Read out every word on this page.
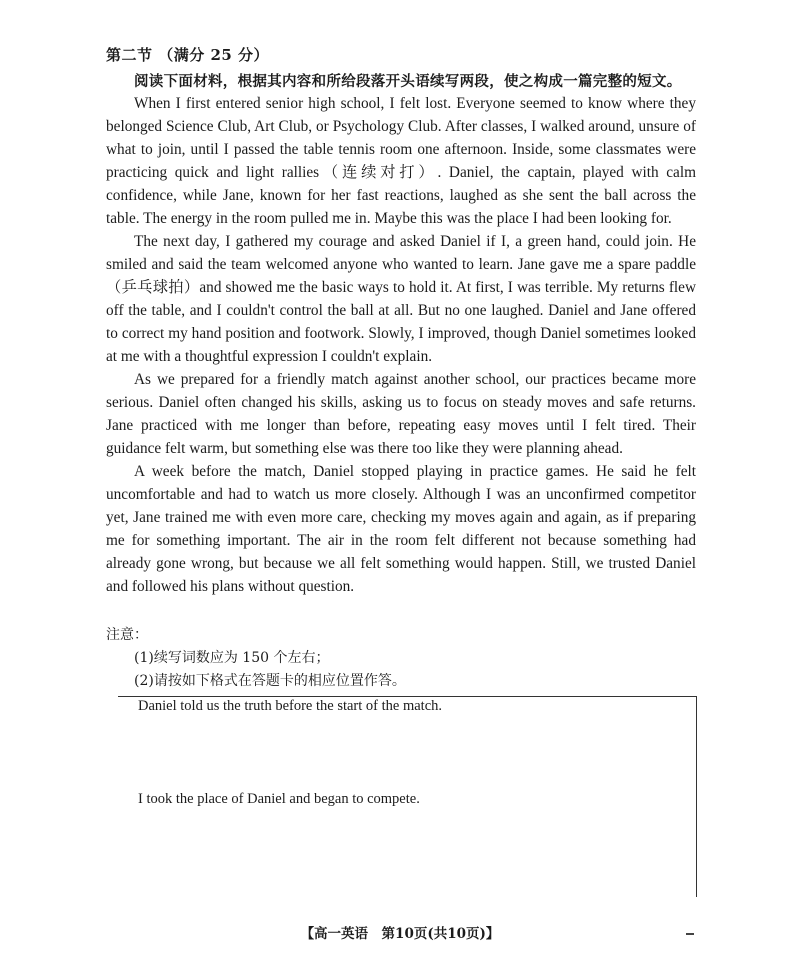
第二节 （满分 25 分）
阅读下面材料，根据其内容和所给段落开头语续写两段，使之构成一篇完整的短文。

When I first entered senior high school, I felt lost. Everyone seemed to know where they belonged Science Club, Art Club, or Psychology Club. After classes, I walked around, unsure of what to join, until I passed the table tennis room one afternoon. Inside, some classmates were practicing quick and light rallies（连续对打）. Daniel, the captain, played with calm confidence, while Jane, known for her fast reactions, laughed as she sent the ball across the table. The energy in the room pulled me in. Maybe this was the place I had been looking for.

The next day, I gathered my courage and asked Daniel if I, a green hand, could join. He smiled and said the team welcomed anyone who wanted to learn. Jane gave me a spare paddle（乒乓球拍）and showed me the basic ways to hold it. At first, I was terrible. My returns flew off the table, and I couldn't control the ball at all. But no one laughed. Daniel and Jane offered to correct my hand position and footwork. Slowly, I improved, though Daniel sometimes looked at me with a thoughtful expression I couldn't explain.

As we prepared for a friendly match against another school, our practices became more serious. Daniel often changed his skills, asking us to focus on steady moves and safe returns. Jane practiced with me longer than before, repeating easy moves until I felt tired. Their guidance felt warm, but something else was there too like they were planning ahead.

A week before the match, Daniel stopped playing in practice games. He said he felt uncomfortable and had to watch us more closely. Although I was an unconfirmed competitor yet, Jane trained me with even more care, checking my moves again and again, as if preparing me for something important. The air in the room felt different not because something had already gone wrong, but because we all felt something would happen. Still, we trusted Daniel and followed his plans without question.

注意：
(1)续写词数应为 150 个左右；
(2)请按如下格式在答题卡的相应位置作答。
Daniel told us the truth before the start of the match.
I took the place of Daniel and began to compete.
【高一英语　第10页(共10页)】
